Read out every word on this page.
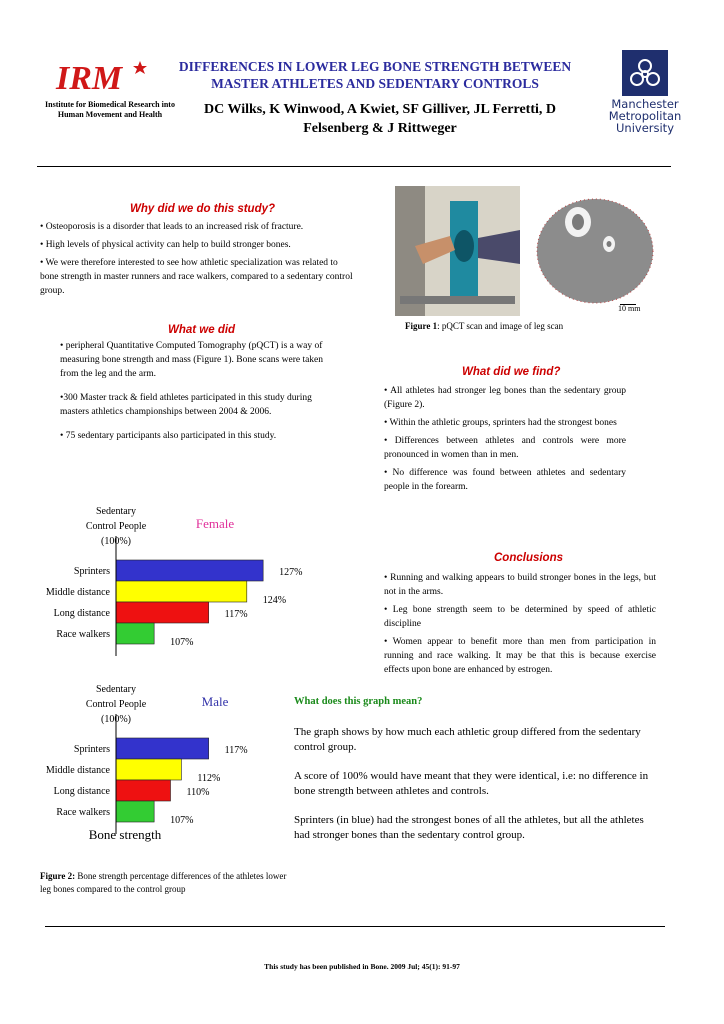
IRM
Institute for Biomedical Research into
Human Movement and Health
DIFFERENCES IN LOWER LEG BONE STRENGTH BETWEEN
MASTER ATHLETES AND SEDENTARY CONTROLS
DC Wilks, K Winwood, A Kwiet, SF Gilliver, JL Ferretti, D
Felsenberg & J Rittweger
Manchester
Metropolitan
University
Why did we do this study?

• Osteoporosis is a disorder that leads to an increased risk of fracture.

• High levels of physical activity can help to build stronger bones.

• We were therefore interested to see how athletic specialization was related to bone strength in master runners and race walkers, compared to a sedentary control group.

What we did

• peripheral Quantitative Computed Tomography (pQCT) is a way of measuring bone strength and mass (Figure 1). Bone scans were taken from the leg and the arm.

•300 Master track & field athletes participated in this study during masters athletics championships between 2004 & 2006.

• 75 sedentary participants also participated in this study.

10 mm
Figure 1: pQCT scan and image of leg scan
What did we find?

• All athletes had stronger leg bones than the sedentary group (Figure 2).

• Within the athletic groups, sprinters had the strongest bones

• Differences between athletes and controls were more pronounced in women than in men.

• No difference was found between athletes and sedentary people in the forearm.

Conclusions

• Running and walking appears to build stronger bones in the legs, but not in the arms.

• Leg bone strength seem to be determined by speed of athletic discipline

• Women appear to benefit more than men from participation in running and race walking. It may be that this is because exercise effects upon bone are enhanced by estrogen.

Sedentary
Control People
(100%)
Female
Sprinters	127%
Middle distance
124%
Long distance	117%
Race walkers
107%
Sedentary
Control People
(100%)
Male
Sprinters	117%
Middle distance
112%
Long distance	110%
Race walkers
107%
Bone strength
Figure 2: Bone strength percentage differences of the athletes lower leg bones compared to the control group
What does this graph mean?

The graph shows by how much each athletic group differed from the sedentary control group.

A score of 100% would have meant that they were identical, i.e: no difference in bone strength between athletes and controls.

Sprinters (in blue) had the strongest bones of all the athletes, but all the athletes had stronger bones than the sedentary control group.

This study has been published in Bone. 2009 Jul; 45(1): 91-97
